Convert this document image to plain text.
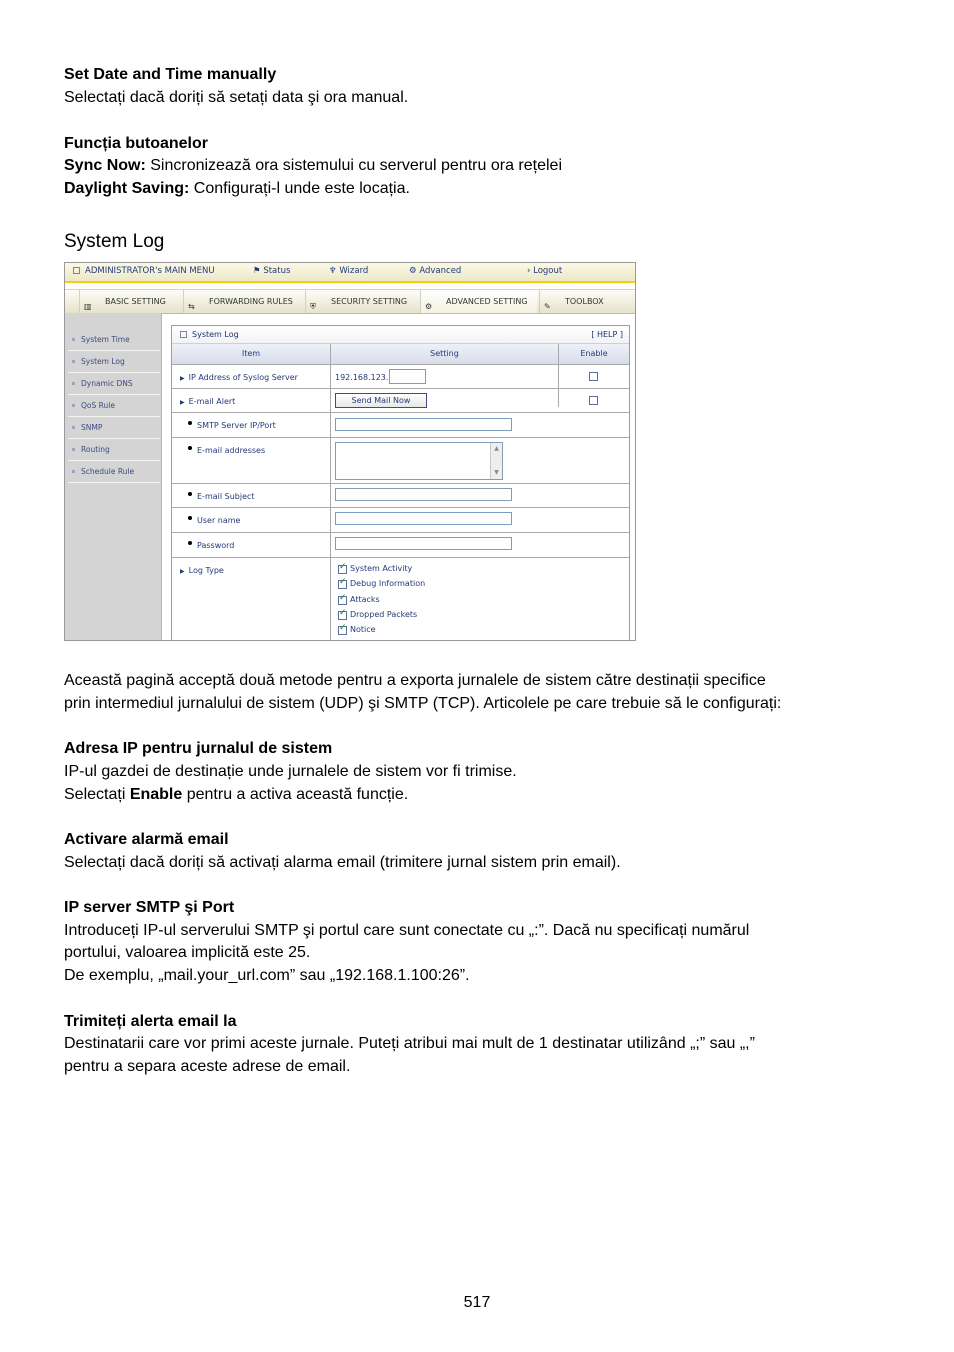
Set Date and Time manually
Selectați dacă doriți să setați data şi ora manual.
Funcția butoanelor
Sync Now: Sincronizează ora sistemului cu serverul pentru ora rețelei
Daylight Saving: Configurați-l unde este locația.
System Log
Această pagină acceptă două metode pentru a exporta jurnalele de sistem către destinații specifice
prin intermediul jurnalului de sistem (UDP) şi SMTP (TCP). Articolele pe care trebuie să le configurați:
Adresa IP pentru jurnalul de sistem
IP-ul gazdei de destinație unde jurnalele de sistem vor fi trimise.
Selectați Enable pentru a activa această funcție.
Activare alarmă email
Selectați dacă doriți să activați alarma email (trimitere jurnal sistem prin email).
IP server SMTP şi Port
Introduceți IP-ul serverului SMTP şi portul care sunt conectate cu „:”. Dacă nu specificați numărul
portului, valoarea implicită este 25.
De exemplu, „mail.your_url.com” sau „192.168.1.100:26”.
Trimiteți alerta email la
Destinatarii care vor primi aceste jurnale. Puteți atribui mai mult de 1 destinatar utilizând „;” sau „,”
pentru a separa aceste adrese de email.
ADMINISTRATOR's MAIN MENU	⚑ Status	♆ Wizard	⚙ Advanced	› Logout
▥ BASIC SETTING	⇆ FORWARDING RULES	⛨ SECURITY SETTING	⚙ ADVANCED SETTING	✎ TOOLBOX
System Time
System Log
Dynamic DNS
QoS Rule
SNMP
Routing
Schedule Rule
System Log	[ HELP ]
Item	Setting	Enable
▶ IP Address of Syslog Server	192.168.123.
▶ E-mail Alert	Send Mail Now
SMTP Server IP/Port
E-mail addresses	▲

▼
E-mail Subject
User name
Password
▶ Log Type
✓	System Activity
✓
Debug Information
✓
Attacks
✓
Dropped Packets
✓
Notice
517
